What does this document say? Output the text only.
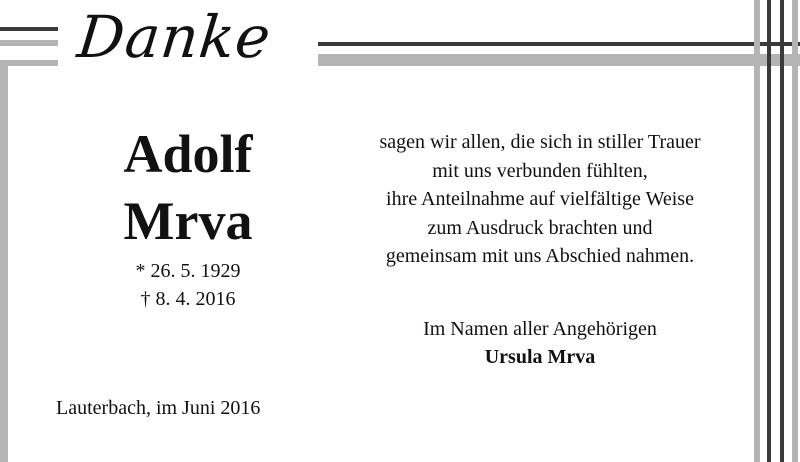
Danke
Adolf
Mrva
* 26. 5. 1929
† 8. 4. 2016
Lauterbach, im Juni 2016
sagen wir allen, die sich in stiller Trauer
mit uns verbunden fühlten,
ihre Anteilnahme auf vielfältige Weise
zum Ausdruck brachten und
gemeinsam mit uns Abschied nahmen.
Im Namen aller Angehörigen
Ursula Mrva
